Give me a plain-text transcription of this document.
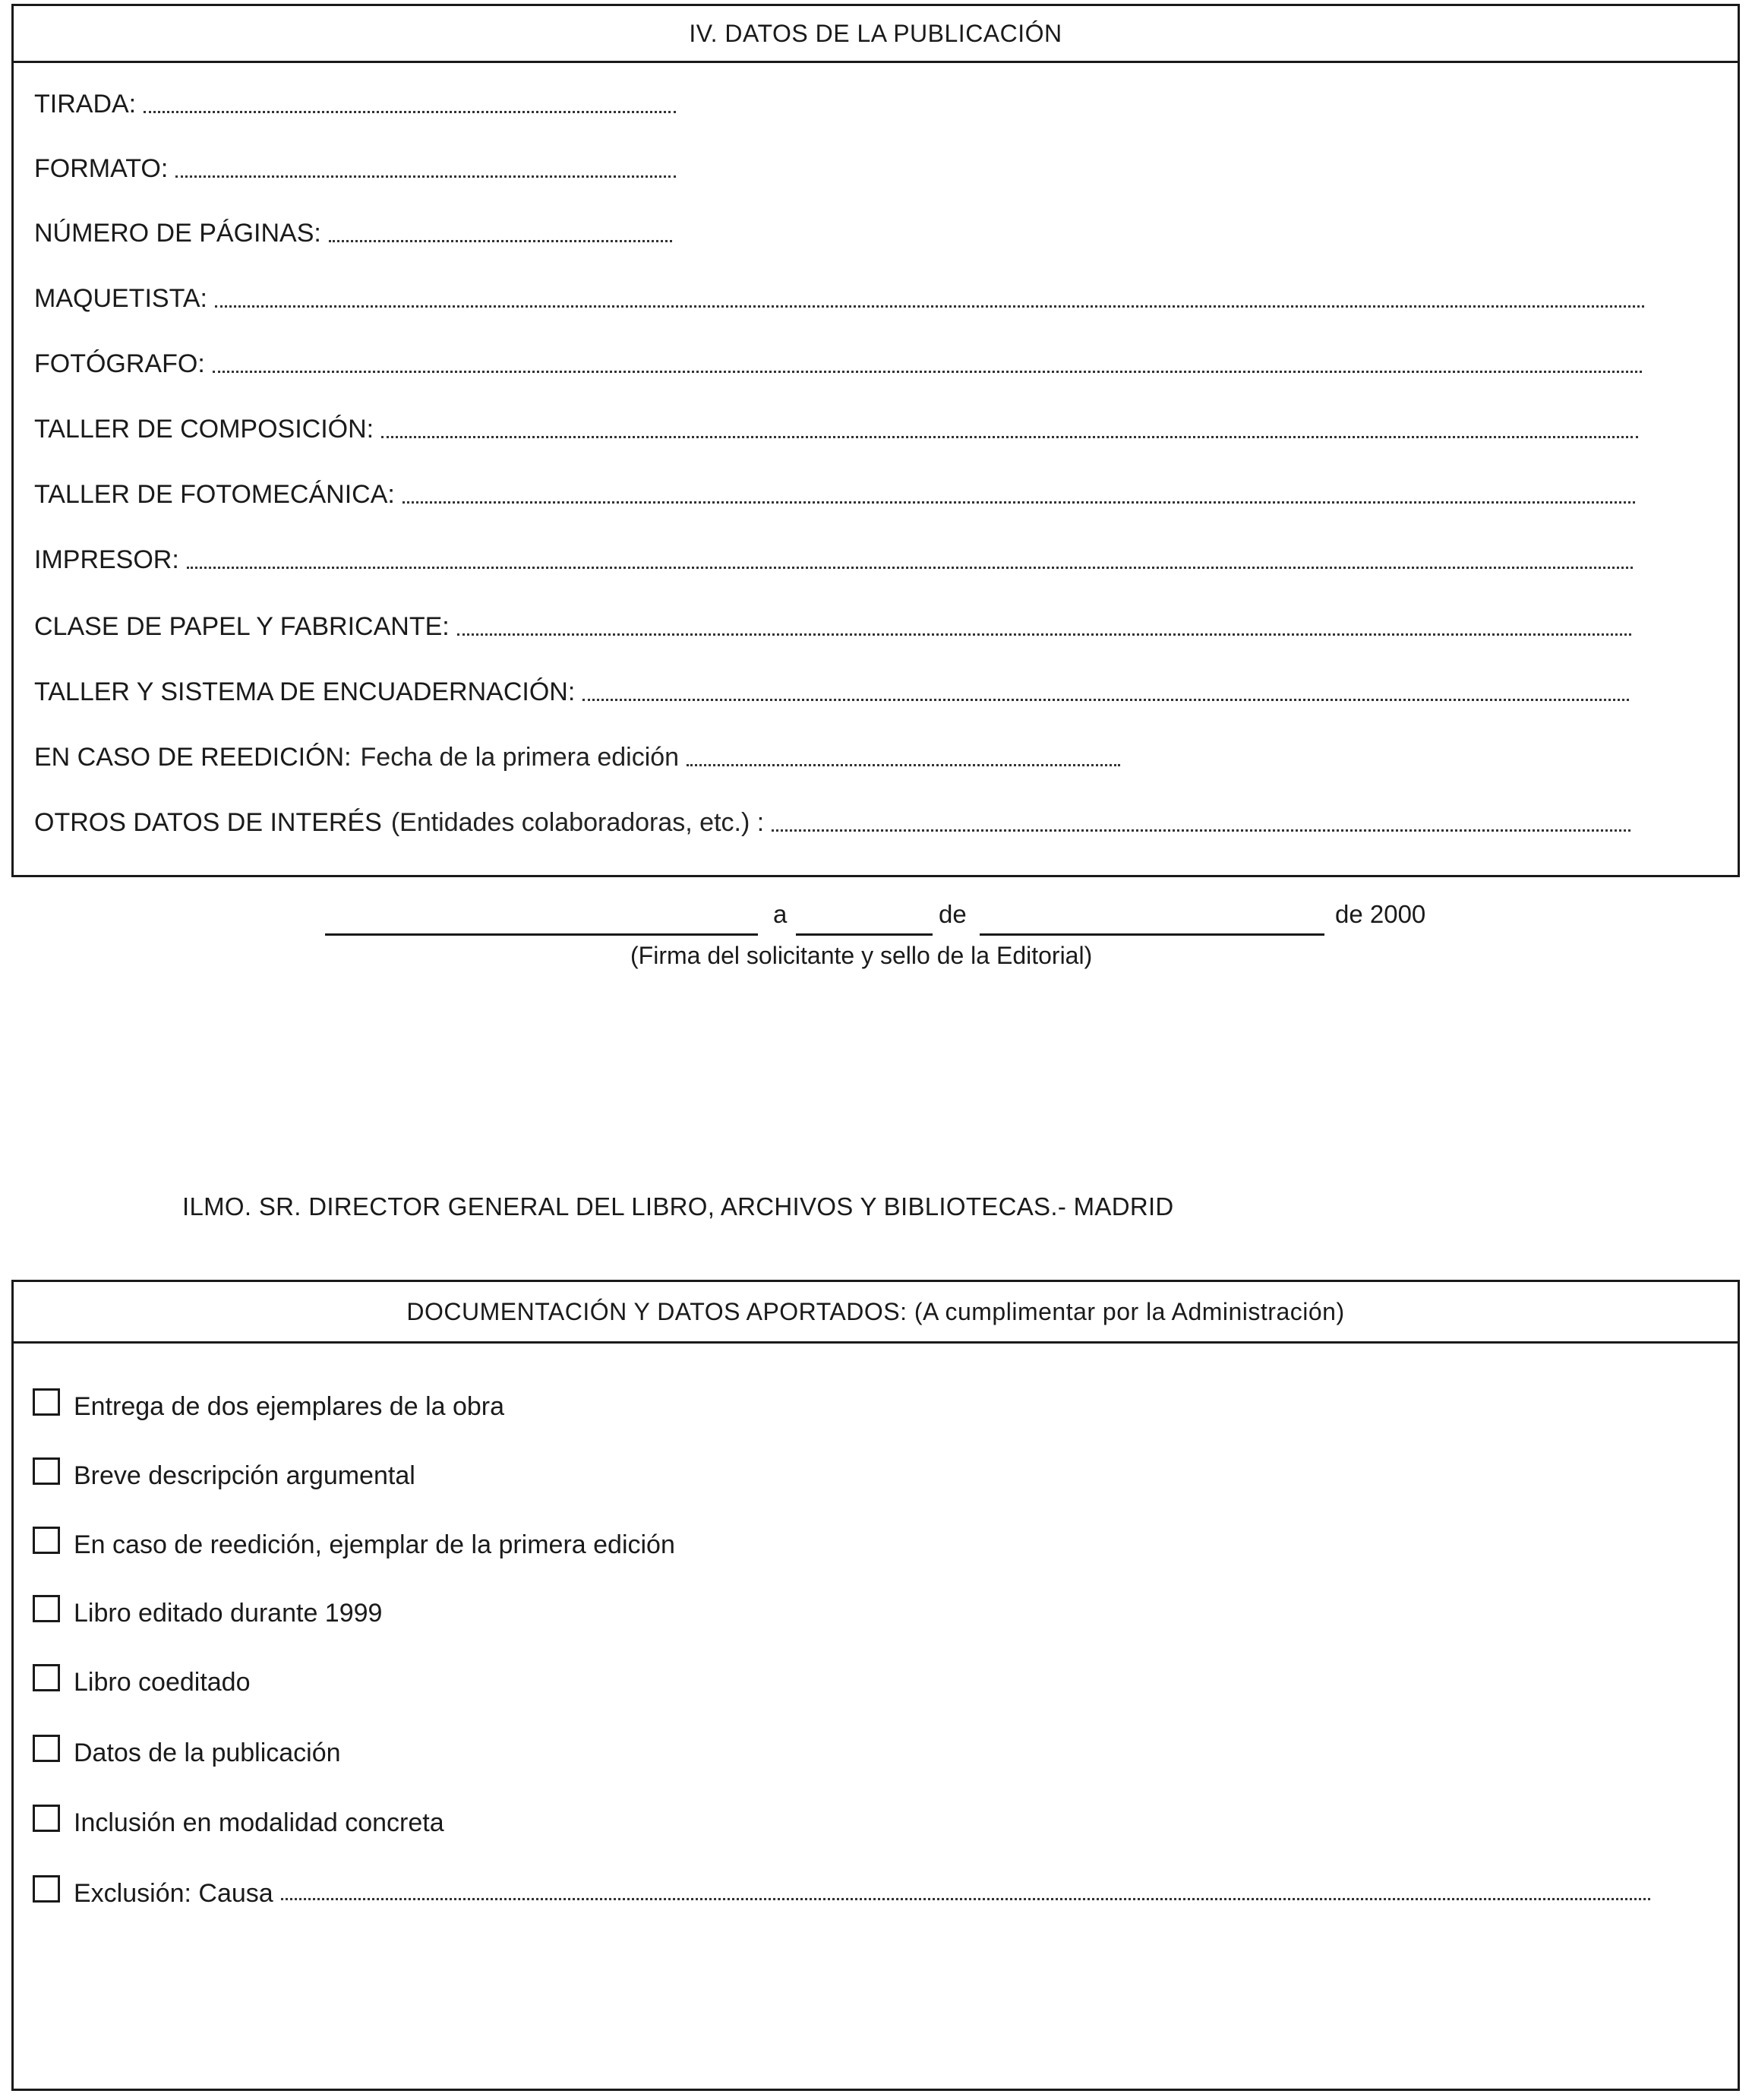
IV. DATOS DE LA PUBLICACIÓN
TIRADA:
FORMATO:
NÚMERO DE PÁGINAS:
MAQUETISTA:
FOTÓGRAFO:
TALLER DE COMPOSICIÓN:
TALLER DE FOTOMECÁNICA:
IMPRESOR:
CLASE DE PAPEL Y FABRICANTE:
TALLER Y SISTEMA DE ENCUADERNACIÓN:
EN CASO DE REEDICIÓN: Fecha de la primera edición
OTROS DATOS DE INTERÉS (Entidades colaboradoras, etc.) :
a	de	de 2000
(Firma del solicitante y sello de la Editorial)
ILMO. SR. DIRECTOR GENERAL DEL LIBRO, ARCHIVOS Y BIBLIOTECAS.- MADRID
DOCUMENTACIÓN Y DATOS APORTADOS: (A cumplimentar por la Administración)
Entrega de dos ejemplares de la obra
Breve descripción argumental
En caso de reedición, ejemplar de la primera edición
Libro editado durante 1999
Libro coeditado
Datos de la publicación
Inclusión en modalidad concreta
Exclusión: Causa
